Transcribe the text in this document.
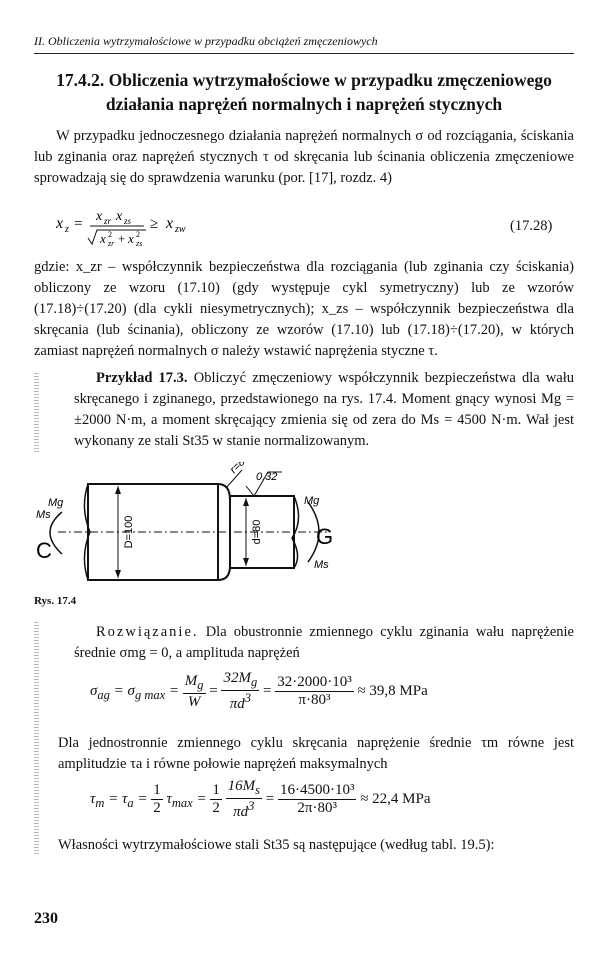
II. Obliczenia wytrzymałościowe w przypadku obciążeń zmęczeniowych
17.4.2. Obliczenia wytrzymałościowe w przypadku zmęczeniowego działania naprężeń normalnych i naprężeń stycznych
W przypadku jednoczesnego działania naprężeń normalnych σ od rozciągania, ściskania lub zginania oraz naprężeń stycznych τ od skręcania lub ścinania obliczenia zmęczeniowe sprowadzają się do sprawdzenia warunku (por. [17], rozdz. 4)
x z = x zr x zs
x 2
zr + x 2
zs
≥ x zw	(17.28)
gdzie: x_zr – współczynnik bezpieczeństwa dla rozciągania (lub zginania czy ściskania) obliczony ze wzoru (17.10) (gdy występuje cykl symetryczny) lub ze wzorów (17.18)÷(17.20) (dla cykli niesymetrycznych); x_zs – współczynnik bezpieczeństwa dla skręcania (lub ścinania), obliczony ze wzorów (17.10) lub (17.18)÷(17.20), w których zamiast naprężeń normalnych σ należy wstawić naprężenia styczne τ.
Przykład 17.3. Obliczyć zmęczeniowy współczynnik bezpieczeństwa dla wału skręcanego i zginanego, przedstawionego na rys. 17.4. Moment gnący wynosi Mg = ±2000 N·m, a moment skręcający zmienia się od zera do Ms = 4500 N·m. Wał jest wykonany ze stali St35 w stanie normalizowanym.
D=100	d=80
r=8
0,32
C
Mg
Ms
G
Mg
Ms
Rys. 17.4
Rozwiązanie. Dla obustronnie zmiennego cyklu zginania wału naprężenie średnie σmg = 0, a amplituda naprężeń
$\sigma_{ag} = \sigma_{g max} = \frac{M_g}{W} = \frac{32M_g}{\pi d^3} = \frac{\text{32·2000·10³}}{\text{π·80³}} \approx 39,8$ MPa
Dla jednostronnie zmiennego cyklu skręcania naprężenie średnie τm równe jest amplitudzie τa i równe połowie naprężeń maksymalnych
$\tau_m = \tau_a = \frac{1}{2} \tau_{max} = \frac{1}{2}$
$\frac{16M_s}{\pi d^3} = \frac{\text{16·4500·10³}}{\text{2π·80³}} \approx 22,4$ MPa
Własności wytrzymałościowe stali St35 są następujące (według tabl. 19.5):
230
